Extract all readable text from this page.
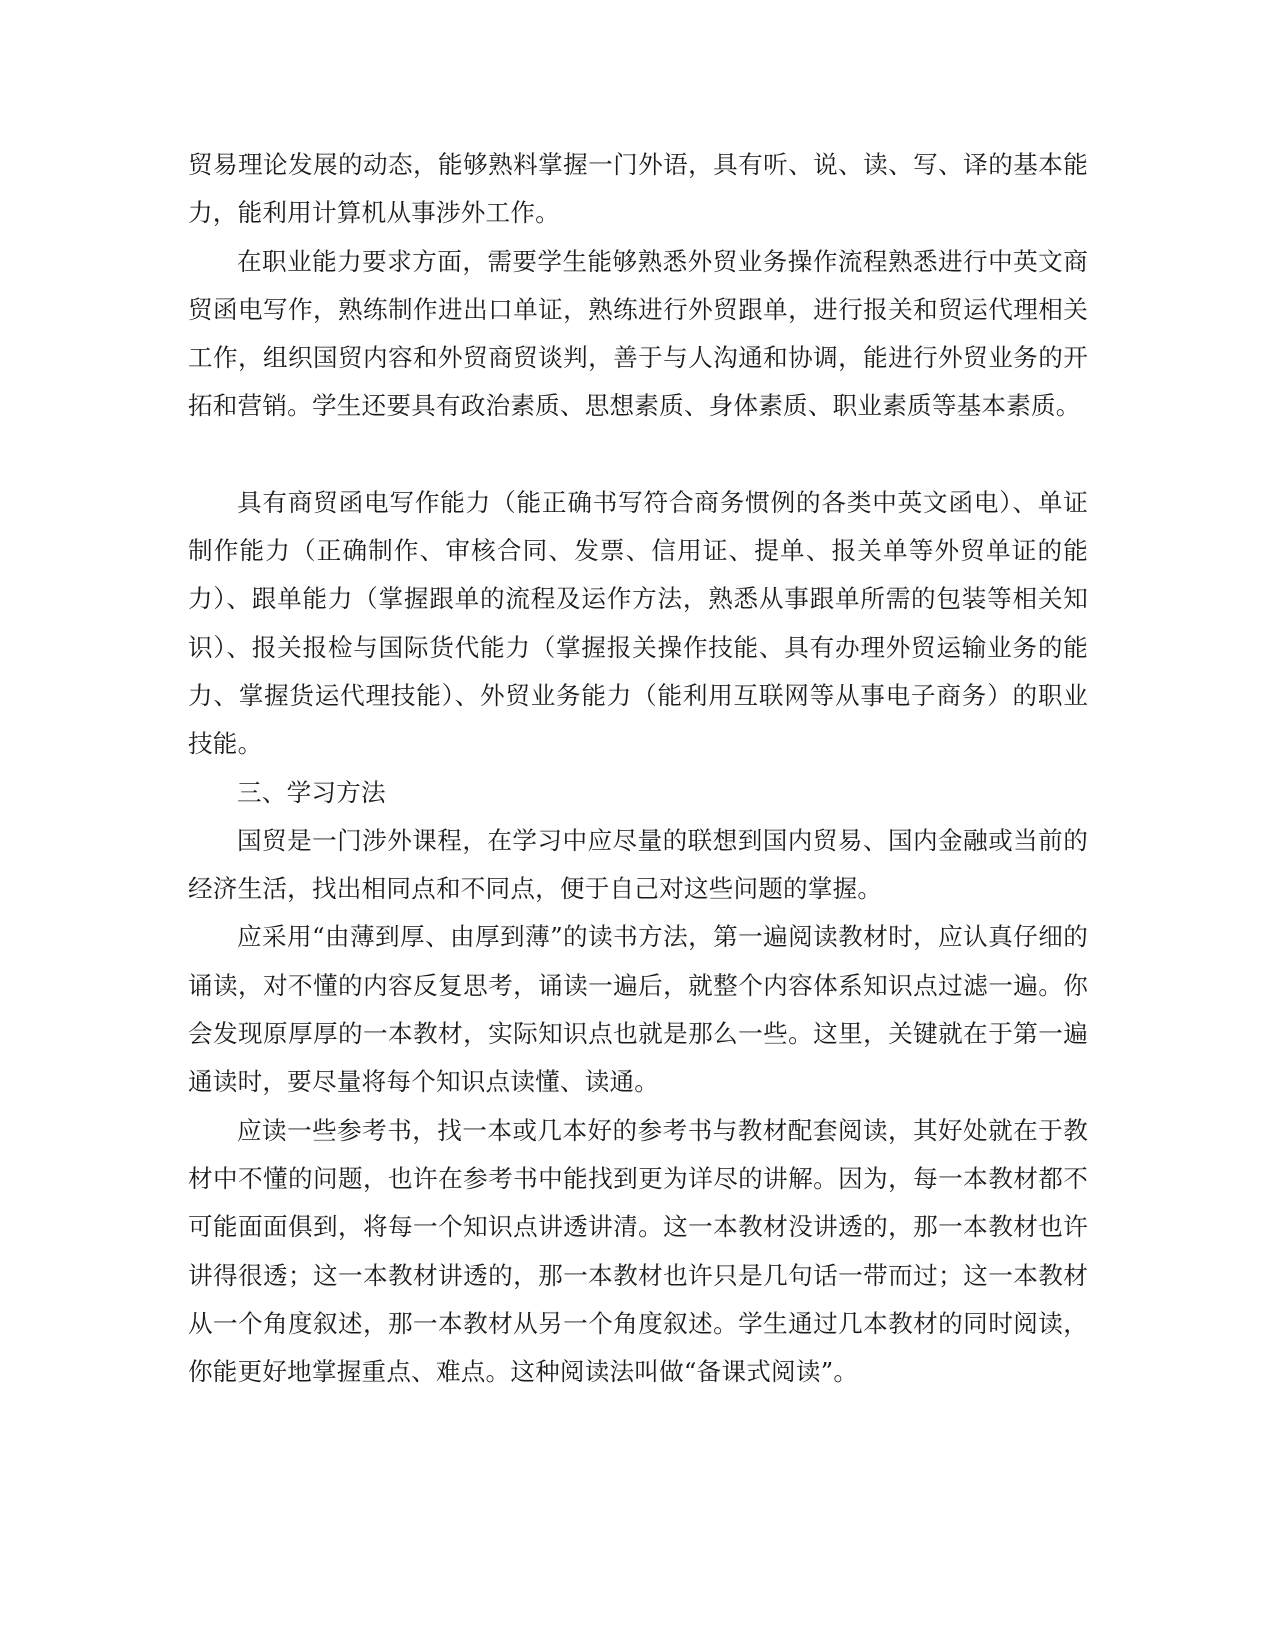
贸易理论发展的动态，能够熟料掌握一门外语，具有听、说、读、写、译的基本能力，能利用计算机从事涉外工作。

在职业能力要求方面，需要学生能够熟悉外贸业务操作流程熟悉进行中英文商贸函电写作，熟练制作进出口单证，熟练进行外贸跟单，进行报关和贸运代理相关工作，组织国贸内容和外贸商贸谈判，善于与人沟通和协调，能进行外贸业务的开拓和营销。学生还要具有政治素质、思想素质、身体素质、职业素质等基本素质。

具有商贸函电写作能力（能正确书写符合商务惯例的各类中英文函电）、单证制作能力（正确制作、审核合同、发票、信用证、提单、报关单等外贸单证的能力）、跟单能力（掌握跟单的流程及运作方法，熟悉从事跟单所需的包装等相关知识）、报关报检与国际货代能力（掌握报关操作技能、具有办理外贸运输业务的能力、掌握货运代理技能）、外贸业务能力（能利用互联网等从事电子商务）的职业技能。

三、学习方法

国贸是一门涉外课程，在学习中应尽量的联想到国内贸易、国内金融或当前的经济生活，找出相同点和不同点，便于自己对这些问题的掌握。

应采用“由薄到厚、由厚到薄”的读书方法，第一遍阅读教材时，应认真仔细的诵读，对不懂的内容反复思考，诵读一遍后，就整个内容体系知识点过滤一遍。你会发现原厚厚的一本教材，实际知识点也就是那么一些。这里，关键就在于第一遍通读时，要尽量将每个知识点读懂、读通。

应读一些参考书，找一本或几本好的参考书与教材配套阅读，其好处就在于教材中不懂的问题，也许在参考书中能找到更为详尽的讲解。因为，每一本教材都不可能面面俱到，将每一个知识点讲透讲清。这一本教材没讲透的，那一本教材也许讲得很透；这一本教材讲透的，那一本教材也许只是几句话一带而过；这一本教材从一个角度叙述，那一本教材从另一个角度叙述。学生通过几本教材的同时阅读，你能更好地掌握重点、难点。这种阅读法叫做“备课式阅读”。
